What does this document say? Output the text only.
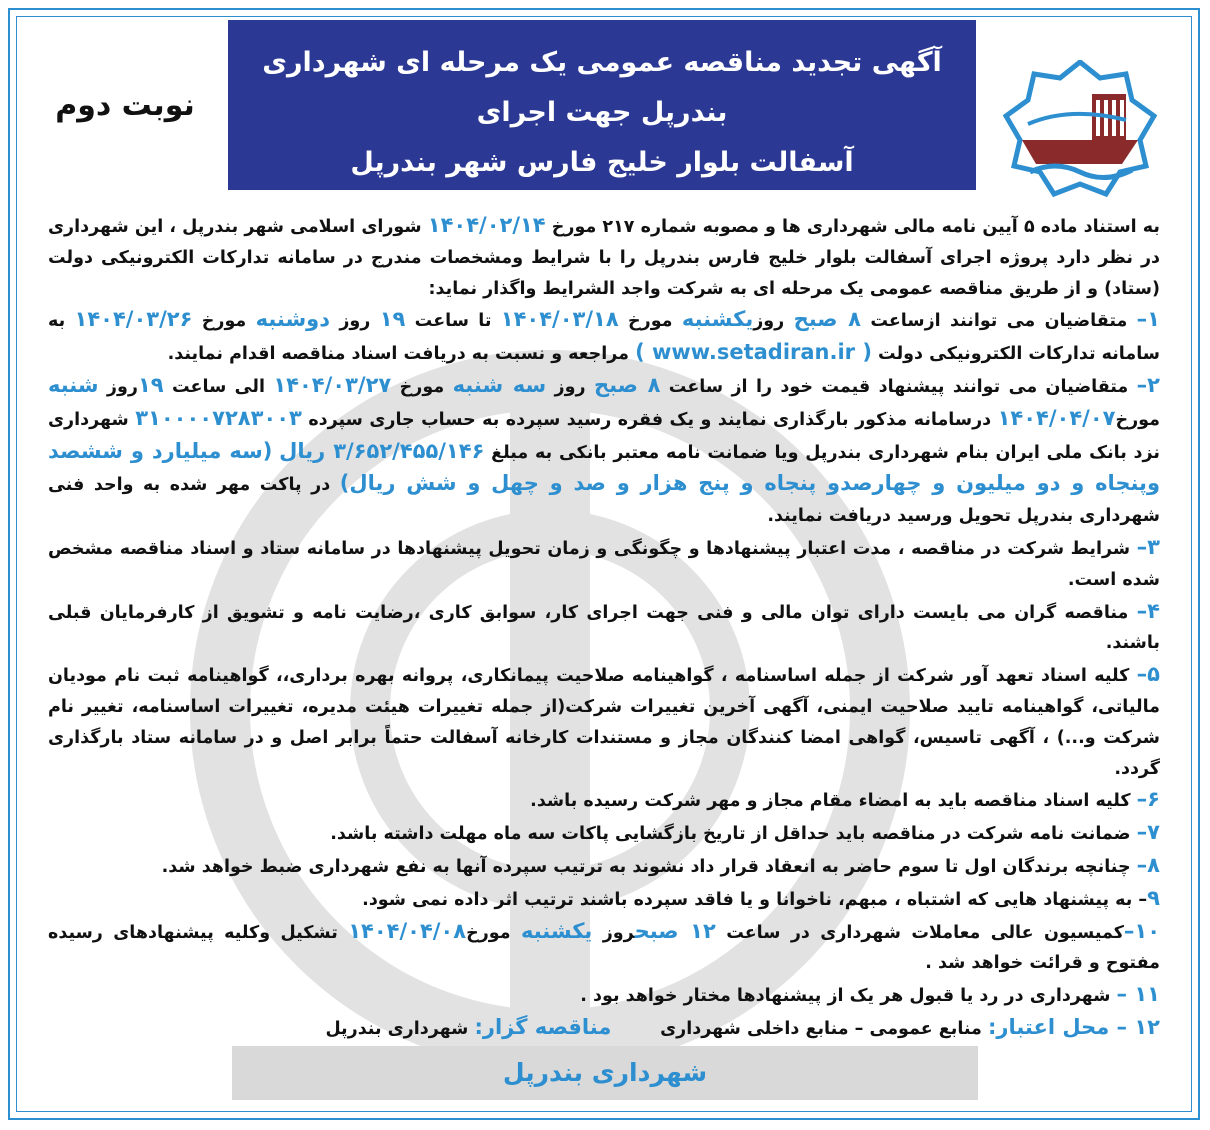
آگهی تجدید مناقصه عمومی یک مرحله ای شهرداری بندرپل جهت اجرای
آسفالت بلوار خلیج فارس شهر بندرپل
نوبت دوم

به استناد ماده ۵ آیین نامه مالی شهرداری ها و مصوبه شماره ۲۱۷ مورخ ۱۴۰۴/۰۲/۱۴ شورای اسلامی شهر بندرپل ، این شهرداری در نظر دارد پروژه اجرای آسفالت بلوار خلیج فارس بندرپل را با شرایط ومشخصات مندرج در سامانه تدارکات الکترونیکی دولت (ستاد) و از طریق مناقصه عمومی یک مرحله ای به شرکت واجد الشرایط واگذار نماید:

۱– متقاضیان می توانند ازساعت ۸ صبح روزیکشنبه مورخ ۱۴۰۴/۰۳/۱۸ تا ساعت ۱۹ روز دوشنبه مورخ ۱۴۰۴/۰۳/۲۶ به سامانه تدارکات الکترونیکی دولت ( www.setadiran.ir ) مراجعه و نسبت به دریافت اسناد مناقصه اقدام نمایند.

۲– متقاضیان می توانند پیشنهاد قیمت خود را از ساعت ۸ صبح روز سه شنبه مورخ ۱۴۰۴/۰۳/۲۷ الی ساعت ۱۹روز شنبه مورخ۱۴۰۴/۰۴/۰۷ درسامانه مذکور بارگذاری نمایند و یک فقره رسید سپرده به حساب جاری سپرده ۳۱۰۰۰۰۷۲۸۳۰۰۳ شهرداری نزد بانک ملی ایران بنام شهرداری بندرپل ویا ضمانت نامه معتبر بانکی به مبلغ ۳/۶۵۲/۴۵۵/۱۴۶ ریال (سه میلیارد و ششصد وپنجاه و دو میلیون و چهارصدو پنجاه و پنج هزار و صد و چهل و شش ریال) در پاکت مهر شده به واحد فنی شهرداری بندرپل تحویل ورسید دریافت نمایند.

۳– شرایط شرکت در مناقصه ، مدت اعتبار پیشنهادها و چگونگی و زمان تحویل پیشنهادها در سامانه ستاد و اسناد مناقصه مشخص شده است.

۴– مناقصه گران می بایست دارای توان مالی و فنی جهت اجرای کار، سوابق کاری ،رضایت نامه و تشویق از کارفرمایان قبلی باشند.

۵– کلیه اسناد تعهد آور شرکت از جمله اساسنامه ، گواهینامه صلاحیت پیمانکاری، پروانه بهره برداری،، گواهینامه ثبت نام مودیان مالیاتی، گواهینامه تایید صلاحیت ایمنی، آگهی آخرین تغییرات شرکت(از جمله تغییرات هیئت مدیره، تغییرات اساسنامه، تغییر نام شرکت و...) ، آگهی تاسیس، گواهی امضا کنندگان مجاز و مستندات کارخانه آسفالت حتماً برابر اصل و در سامانه ستاد بارگذاری گردد.

۶– کلیه اسناد مناقصه باید به امضاء مقام مجاز و مهر شرکت رسیده باشد.

۷– ضمانت نامه شرکت در مناقصه باید حداقل از تاریخ بازگشایی پاکات سه ماه مهلت داشته باشد.

۸– چنانچه برندگان اول تا سوم حاضر به انعقاد قرار داد نشوند به ترتیب سپرده آنها به نفع شهرداری ضبط خواهد شد.

۹– به پیشنهاد هایی که اشتباه ، مبهم، ناخوانا و یا فاقد سپرده باشند ترتیب اثر داده نمی شود.

۱۰–کمیسیون عالی معاملات شهرداری در ساعت ۱۲ صبحروز یکشنبه مورخ۱۴۰۴/۰۴/۰۸ تشکیل وکلیه پیشنهادهای رسیده مفتوح و قرائت خواهد شد .

۱۱ – شهرداری در رد یا قبول هر یک از پیشنهادها مختار خواهد بود .

۱۲ – محل اعتبار: منابع عمومی – منابع داخلی شهرداری        مناقصه گزار: شهرداری بندرپل

شهرداری بندرپل
